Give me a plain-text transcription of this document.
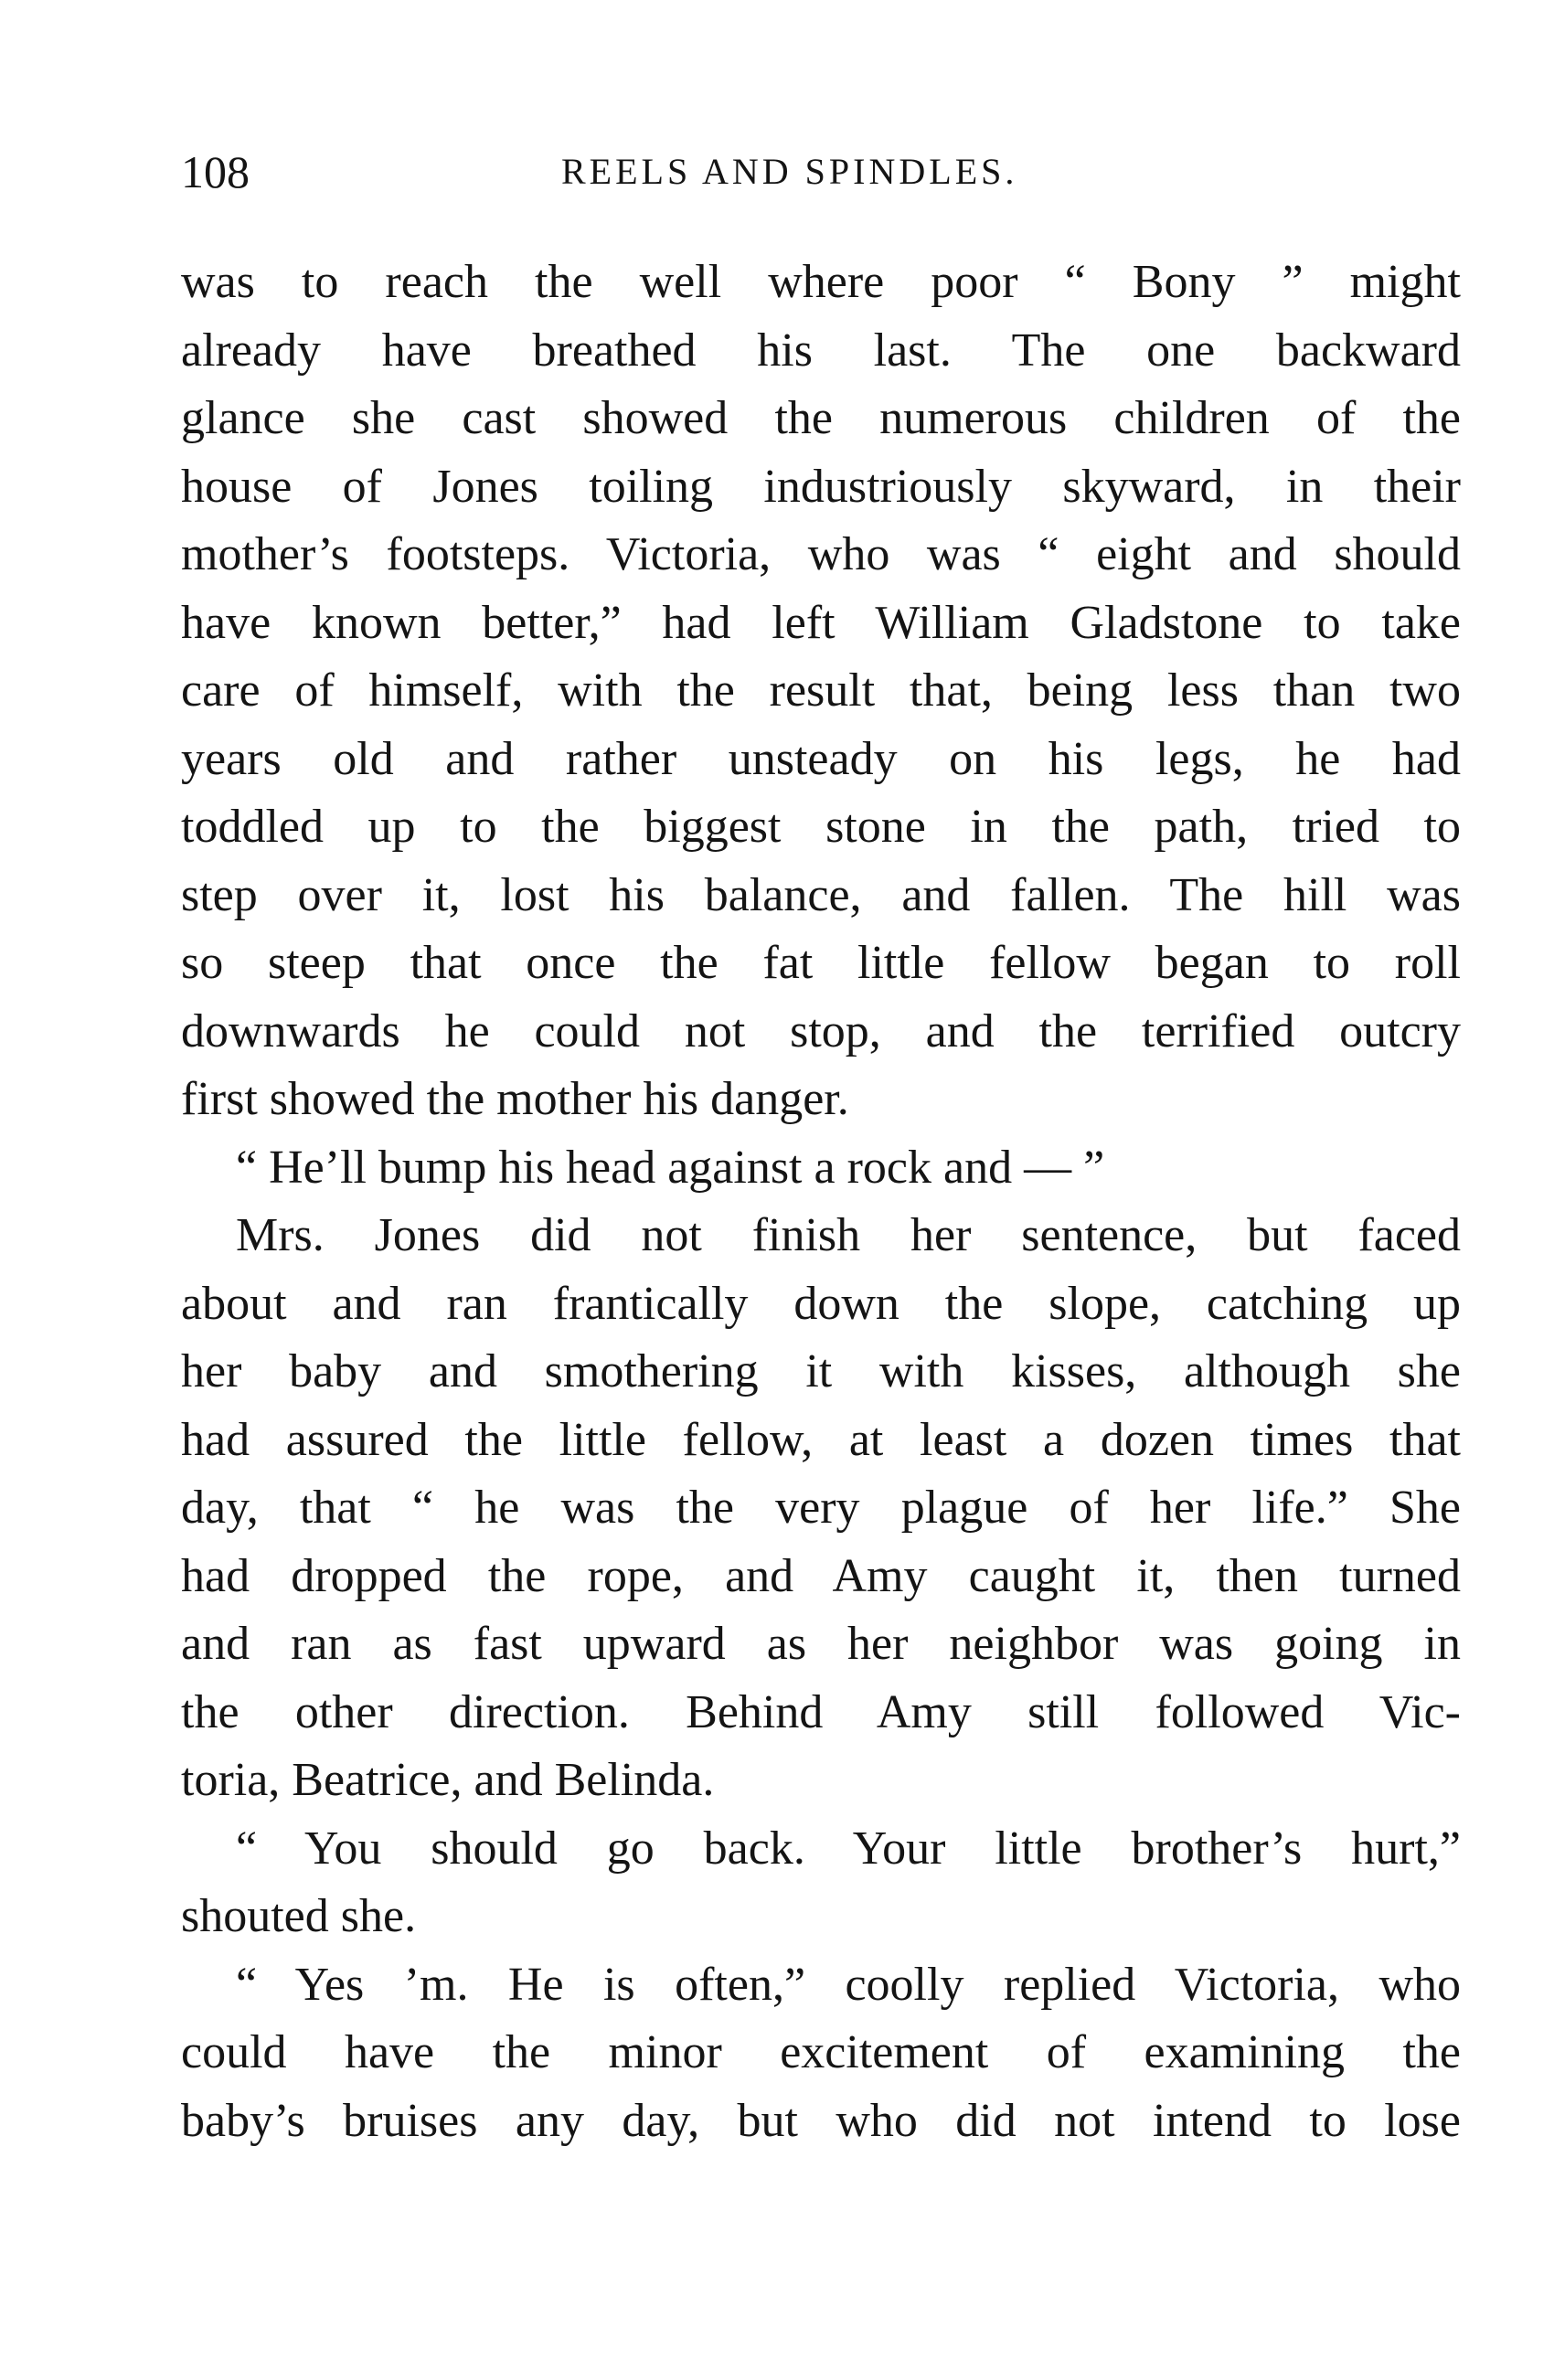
108	REELS AND SPINDLES.
was to reach the well where poor “ Bony ” might
already have breathed his last. The one backward
glance she cast showed the numerous children of the
house of Jones toiling industriously skyward, in their
mother’s footsteps. Victoria, who was “ eight and should
have known better,” had left William Gladstone to take
care of himself, with the result that, being less than two
years old and rather unsteady on his legs, he had
toddled up to the biggest stone in the path, tried to
step over it, lost his balance, and fallen. The hill was
so steep that once the fat little fellow began to roll
downwards he could not stop, and the terrified outcry
first showed the mother his danger.
“ He’ll bump his head against a rock and — ”
Mrs. Jones did not finish her sentence, but faced
about and ran frantically down the slope, catching up
her baby and smothering it with kisses, although she
had assured the little fellow, at least a dozen times that
day, that “ he was the very plague of her life.” She
had dropped the rope, and Amy caught it, then turned
and ran as fast upward as her neighbor was going in
the other direction. Behind Amy still followed Vic-
toria, Beatrice, and Belinda.
“ You should go back. Your little brother’s hurt,”
shouted she.
“ Yes ’m. He is often,” coolly replied Victoria, who
could have the minor excitement of examining the
baby’s bruises any day, but who did not intend to lose
